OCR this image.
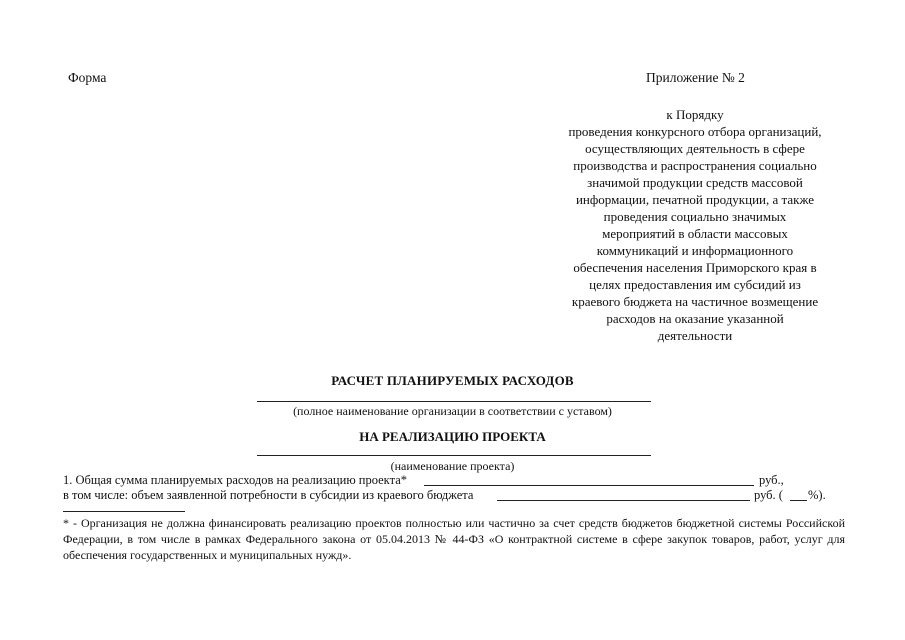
Форма	Приложение № 2
к Порядку
проведения конкурсного отбора организаций,
осуществляющих деятельность в сфере
производства и распространения социально
значимой продукции средств массовой
информации, печатной продукции, а также
проведения социально значимых
мероприятий в области массовых
коммуникаций и информационного
обеспечения населения Приморского края в
целях предоставления им субсидий из
краевого бюджета на частичное возмещение
расходов на оказание указанной
деятельности
РАСЧЕТ ПЛАНИРУЕМЫХ РАСХОДОВ
(полное наименование организации в соответствии с уставом)
НА РЕАЛИЗАЦИЮ ПРОЕКТА
(наименование проекта)
1. Общая сумма планируемых расходов на реализацию проекта*	руб.,
в том числе: объем заявленной потребности в субсидии из краевого бюджета	руб. ( %).
* - Организация не должна финансировать реализацию проектов полностью или частично за счет средств бюджетов бюджетной системы Российской Федерации, в том числе в рамках Федерального закона от 05.04.2013 № 44-ФЗ «О контрактной системе в сфере закупок товаров, работ, услуг для обеспечения государственных и муниципальных нужд».
